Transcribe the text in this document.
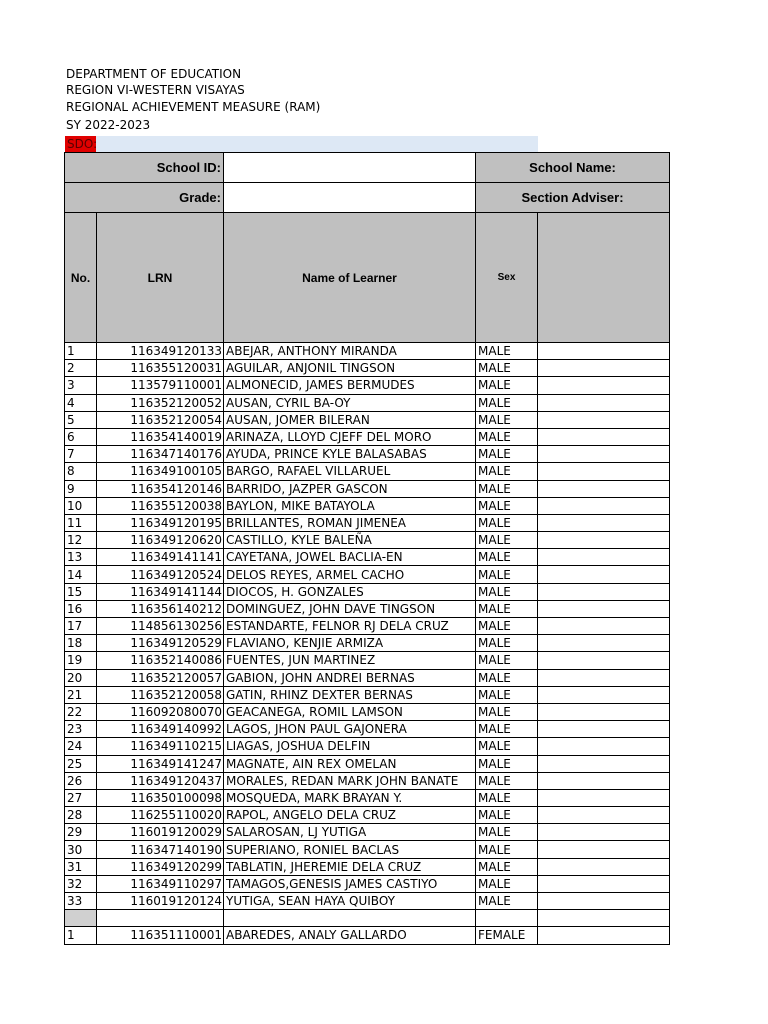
DEPARTMENT OF EDUCATION
REGION VI-WESTERN VISAYAS
REGIONAL ACHIEVEMENT MEASURE (RAM)
SY 2022-2023
SDO:
School ID:			School Name:	
Grade:			Section Adviser:	
No.	LRN	Name of Learner	Sex	
1	116349120133	ABEJAR, ANTHONY MIRANDA	MALE	
2	116355120031	AGUILAR, ANJONIL TINGSON	MALE	
3	113579110001	ALMONECID, JAMES BERMUDES	MALE	
4	116352120052	AUSAN, CYRIL BA-OY	MALE	
5	116352120054	AUSAN, JOMER BILERAN	MALE	
6	116354140019	ARINAZA, LLOYD CJEFF DEL MORO	MALE	
7	116347140176	AYUDA, PRINCE KYLE BALASABAS	MALE	
8	116349100105	BARGO, RAFAEL VILLARUEL	MALE	
9	116354120146	BARRIDO, JAZPER GASCON	MALE	
10	116355120038	BAYLON, MIKE BATAYOLA	MALE	
11	116349120195	BRILLANTES, ROMAN JIMENEA	MALE	
12	116349120620	CASTILLO, KYLE BALEÑA	MALE	
13	116349141141	CAYETANA, JOWEL BACLIA-EN	MALE	
14	116349120524	DELOS REYES, ARMEL CACHO	MALE	
15	116349141144	DIOCOS, H. GONZALES	MALE	
16	116356140212	DOMINGUEZ, JOHN DAVE TINGSON	MALE	
17	114856130256	ESTANDARTE, FELNOR RJ DELA CRUZ	MALE	
18	116349120529	FLAVIANO, KENJIE ARMIZA	MALE	
19	116352140086	FUENTES, JUN MARTINEZ	MALE	
20	116352120057	GABION, JOHN ANDREI BERNAS	MALE	
21	116352120058	GATIN, RHINZ DEXTER BERNAS	MALE	
22	116092080070	GEACANEGA, ROMIL LAMSON	MALE	
23	116349140992	LAGOS, JHON PAUL GAJONERA	MALE	
24	116349110215	LIAGAS, JOSHUA DELFIN	MALE	
25	116349141247	MAGNATE, AIN REX OMELAN	MALE	
26	116349120437	MORALES, REDAN MARK JOHN BANATE	MALE	
27	116350100098	MOSQUEDA, MARK BRAYAN Y.	MALE	
28	116255110020	RAPOL, ANGELO DELA CRUZ	MALE	
29	116019120029	SALAROSAN, LJ YUTIGA	MALE	
30	116347140190	SUPERIANO, RONIEL BACLAS	MALE	
31	116349120299	TABLATIN, JHEREMIE DELA CRUZ	MALE	
32	116349110297	TAMAGOS,GENESIS JAMES CASTIYO	MALE	
33	116019120124	YUTIGA, SEAN HAYA QUIBOY	MALE	

1	116351110001	ABAREDES, ANALY GALLARDO	FEMALE	
